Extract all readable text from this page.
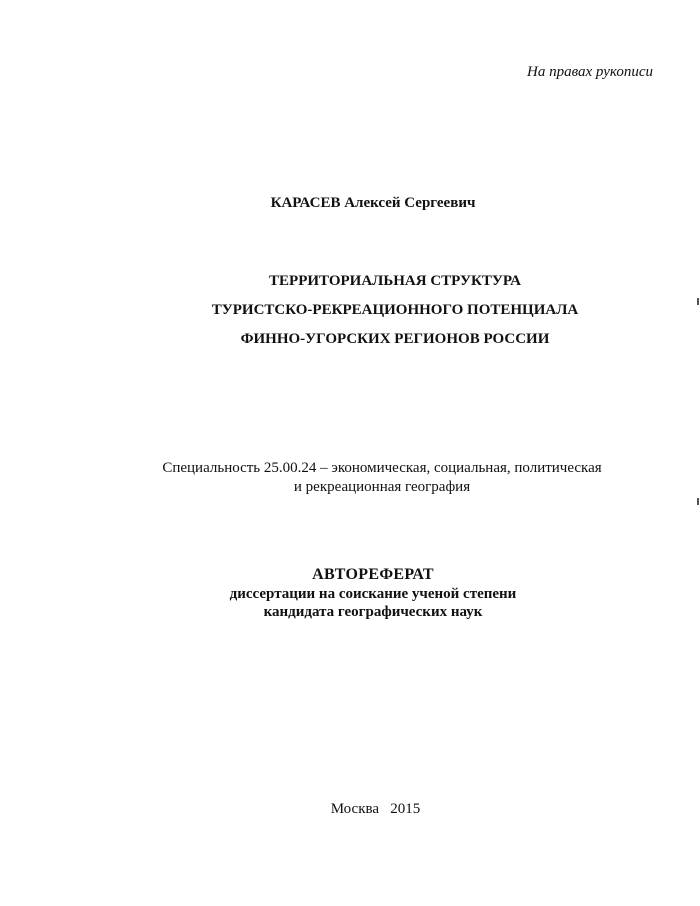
На правах рукописи
КАРАСЕВ Алексей Сергеевич
ТЕРРИТОРИАЛЬНАЯ СТРУКТУРА
ТУРИСТСКО-РЕКРЕАЦИОННОГО ПОТЕНЦИАЛА
ФИННО-УГОРСКИХ РЕГИОНОВ РОССИИ
Специальность 25.00.24 – экономическая, социальная, политическая
и рекреационная география
АВТОРЕФЕРАТ
диссертации на соискание ученой степени
кандидата географических наук
Москва   2015
